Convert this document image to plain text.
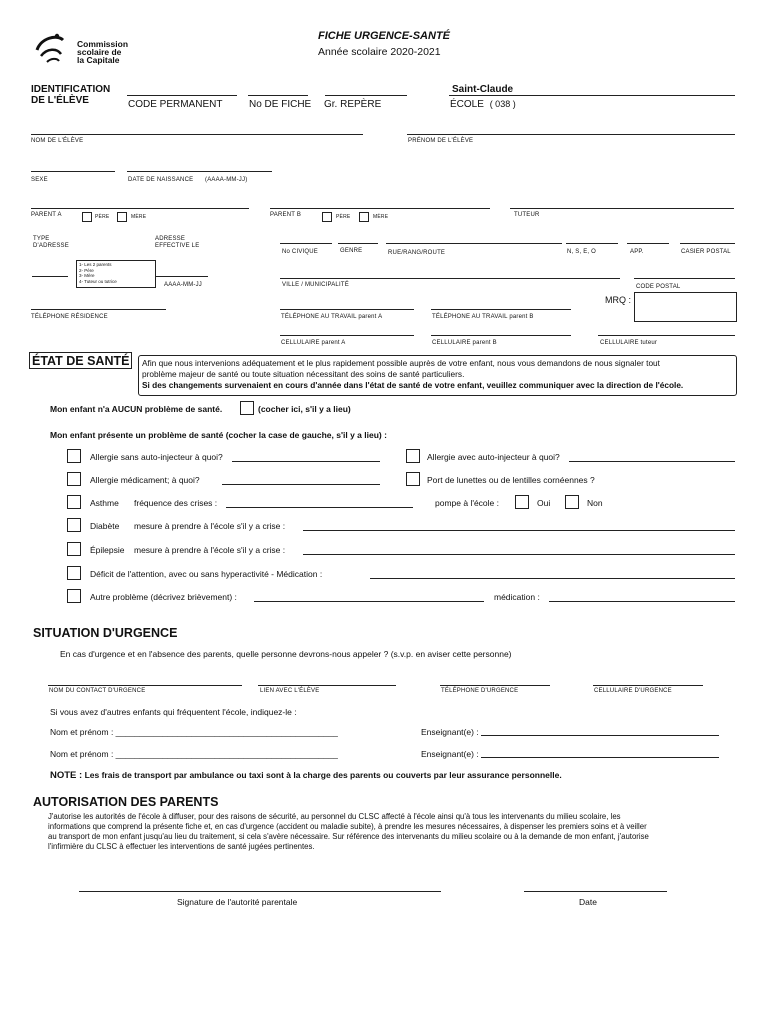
Commission
scolaire de
la Capitale
FICHE URGENCE-SANTÉ
Année scolaire 2020-2021
IDENTIFICATION
DE L'ÉLÈVE
Saint-Claude
CODE PERMANENT	No DE FICHE Gr. REPÈRE	ÉCOLE ( 038 )
NOM DE L'ÉLÈVE	PRÉNOM DE L'ÉLÈVE
SEXE	DATE DE NAISSANCE (AAAA-MM-JJ)
PARENT A	PÈRE	MÈRE	PARENT B	PÈRE	MÈRE	TUTEUR
TYPE
D'ADRESSE
ADRESSE
EFFECTIVE LE
No CIVIQUE	GENRE	RUE/RANG/ROUTE	N, S, E, O	APP.	CASIER POSTAL
1- Les 2 parents
2- Père
3- Mère
4- Tuteur ou tutrice
AAAA-MM-JJ	VILLE / MUNICIPALITÉ	CODE POSTAL
MRQ :
TÉLÉPHONE RÉSIDENCE	TÉLÉPHONE AU TRAVAIL parent A	TÉLÉPHONE AU TRAVAIL parent B
CELLULAIRE parent A	CELLULAIRE parent B	CELLULAIRE tuteur
ÉTAT DE SANTÉ	Afin que nous intervenions adéquatement et le plus rapidement possible auprès de votre enfant, nous vous demandons de nous signaler tout
problème majeur de santé ou toute situation nécessitant des soins de santé particuliers.
Si des changements survenaient en cours d'année dans l'état de santé de votre enfant, veuillez communiquer avec la direction de l'école.
Mon enfant n'a AUCUN problème de santé.	(cocher ici, s'il y a lieu)
Mon enfant présente un problème de santé (cocher la case de gauche, s'il y a lieu) :
Allergie sans auto-injecteur à quoi?	Allergie avec auto-injecteur à quoi?
Allergie médicament; à quoi?	Port de lunettes ou de lentilles cornéennes ?
Asthme fréquence des crises :	pompe à l'école :	Oui	Non
Diabète mesure à prendre à l'école s'il y a crise :
Épilepsie mesure à prendre à l'école s'il y a crise :
Déficit de l'attention, avec ou sans hyperactivité - Médication :
Autre problème (décrivez brièvement) :	médication :
SITUATION D'URGENCE
En cas d'urgence et en l'absence des parents, quelle personne devrons-nous appeler ? (s.v.p. en aviser cette personne)
NOM DU CONTACT D'URGENCE	LIEN AVEC L'ÉLÈVE	TÉLÉPHONE D'URGENCE	CELLULAIRE D'URGENCE
Si vous avez d'autres enfants qui fréquentent l'école, indiquez-le :
Nom et prénom : _______________________________________________	Enseignant(e) :
Nom et prénom : _______________________________________________	Enseignant(e) :
NOTE : Les frais de transport par ambulance ou taxi sont à la charge des parents ou couverts par leur assurance personnelle.
AUTORISATION DES PARENTS
J'autorise les autorités de l'école à diffuser, pour des raisons de sécurité, au personnel du CLSC affecté à l'école ainsi qu'à tous les intervenants du milieu scolaire, les
informations que comprend la présente fiche et, en cas d'urgence (accident ou maladie subite), à prendre les mesures nécessaires, à dispenser les premiers soins et à veiller
au transport de mon enfant jusqu'au lieu du traitement, si cela s'avère nécessaire. Sur référence des intervenants du milieu scolaire ou à la demande de mon enfant, j'autorise
l'infirmière du CLSC à effectuer les interventions de santé jugées pertinentes.
Signature de l'autorité parentale	Date
